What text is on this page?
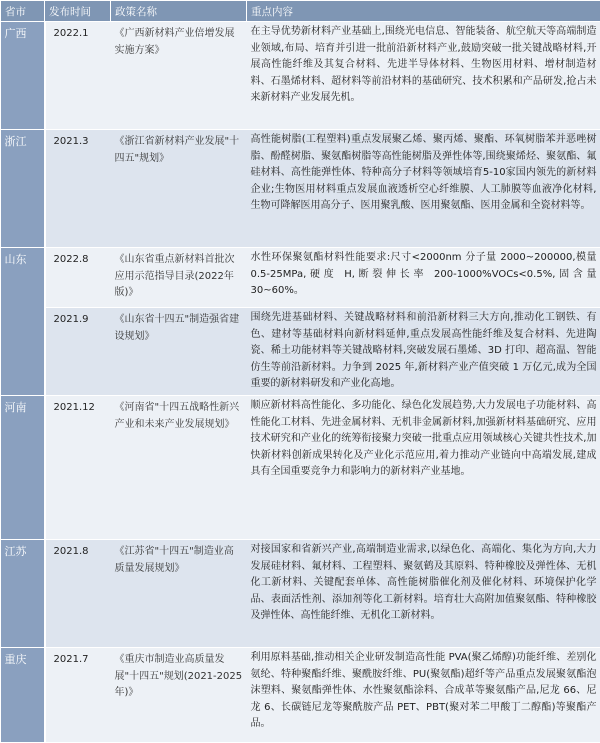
省市	发布时间	政策名称	重点内容
广西	2022.1	《广西新材料产业倍增发展实施方案》	在主导优势新材料产业基础上,围绕光电信息、智能装备、航空航天等高端制造业领域,布局、培育并引进一批前沿新材料产业,鼓励突破一批关键战略材料,开展高性能纤维及其复合材料、先进半导体材料、生物医用材料、增材制造材料、石墨烯材料、超材料等前沿材料的基础研究、技术积累和产品研发,抢占未来新材料产业发展先机。
浙江	2021.3	《浙江省新材料产业发展"十四五"规划》	高性能树脂(工程塑料)重点发展聚乙烯、聚丙烯、聚酯、环氧树脂苯并恶唑树脂、酚醛树脂、聚氨酯树脂等高性能树脂及弹性体等,围绕聚烯烃、聚氨酯、氟硅材料、高性能弹性体、特种高分子材料等领域培育5-10家国内领先的新材料企业;生物医用材料重点发展血液透析空心纤维膜、人工肺膜等血液净化材料,生物可降解医用高分子、医用聚乳酸、医用聚氨酯、医用金属和全瓷材料等。
山东	2022.8	《山东省重点新材料首批次应用示范指导目录(2022年版)》	水性环保聚氨酯材料性能要求:尺寸<2000nm 分子量 2000~200000,模量 0.5-25MPa,硬度 H,断裂伸长率 200-1000%VOCs<0.5%,固含量30~60%。
	2021.9	《山东省十四五"制造强省建设规划》	围绕先进基础材料、关键战略材料和前沿新材料三大方向,推动化工钢铁、有色、建材等基础材料向新材料延伸,重点发展高性能纤维及复合材料、先进陶瓷、稀土功能材料等关键战略材料,突破发展石墨烯、3D 打印、超高温、智能仿生等前沿新材料。力争到 2025 年,新材料产业产值突破 1 万亿元,成为全国重要的新材料研发和产业化高地。
河南	2021.12	《河南省"十四五战略性新兴产业和未来产业发展规划》	顺应新材料高性能化、多功能化、绿色化发展趋势,大力发展电子功能材料、高性能化工材料、先进金属材料、无机非金属新材料,加强新材料基础研究、应用技术研究和产业化的统筹衔接聚力突破一批重点应用领域核心关键共性技术,加快新材料创新成果转化及产业化示范应用,着力推动产业链向中高端发展,建成具有全国重要竞争力和影响力的新材料产业基地。
江苏	2021.8	《江苏省"十四五"制造业高质量发展规划》	对接国家和省新兴产业,高端制造业需求,以绿色化、高端化、集化为方向,大力发展硅材料、氟材料、工程塑料、聚氨鹤及其原料、特种橡胶及弹性体、无机化工新材料、关键配套单体、高性能树脂催化剂及催化材料、环境保护化学品、表面活性剂、添加剂等化工新材料。培育壮大高附加值聚氨酯、特种橡胶及弹性体、高性能纤维、无机化工新材料。
重庆	2021.7	《重庆市制造业高质量发展"十四五"规划(2021-2025年)》	利用原料基础,推动相关企业研发制造高性能 PVA(聚乙烯醇)功能纤维、差别化氨纶、特种聚酯纤维、聚酰胺纤维、PU(聚氨酯)超纤等产品重点发展聚氨酯泡沫塑料、聚氨酯弹性体、水性聚氨酯涂料、合成革等聚氨酯产品,尼龙 66、尼龙 6、长碳链尼龙等聚酰胺产品 PET、PBT(聚对苯二甲酸丁二醇酯)等聚酯产品。
